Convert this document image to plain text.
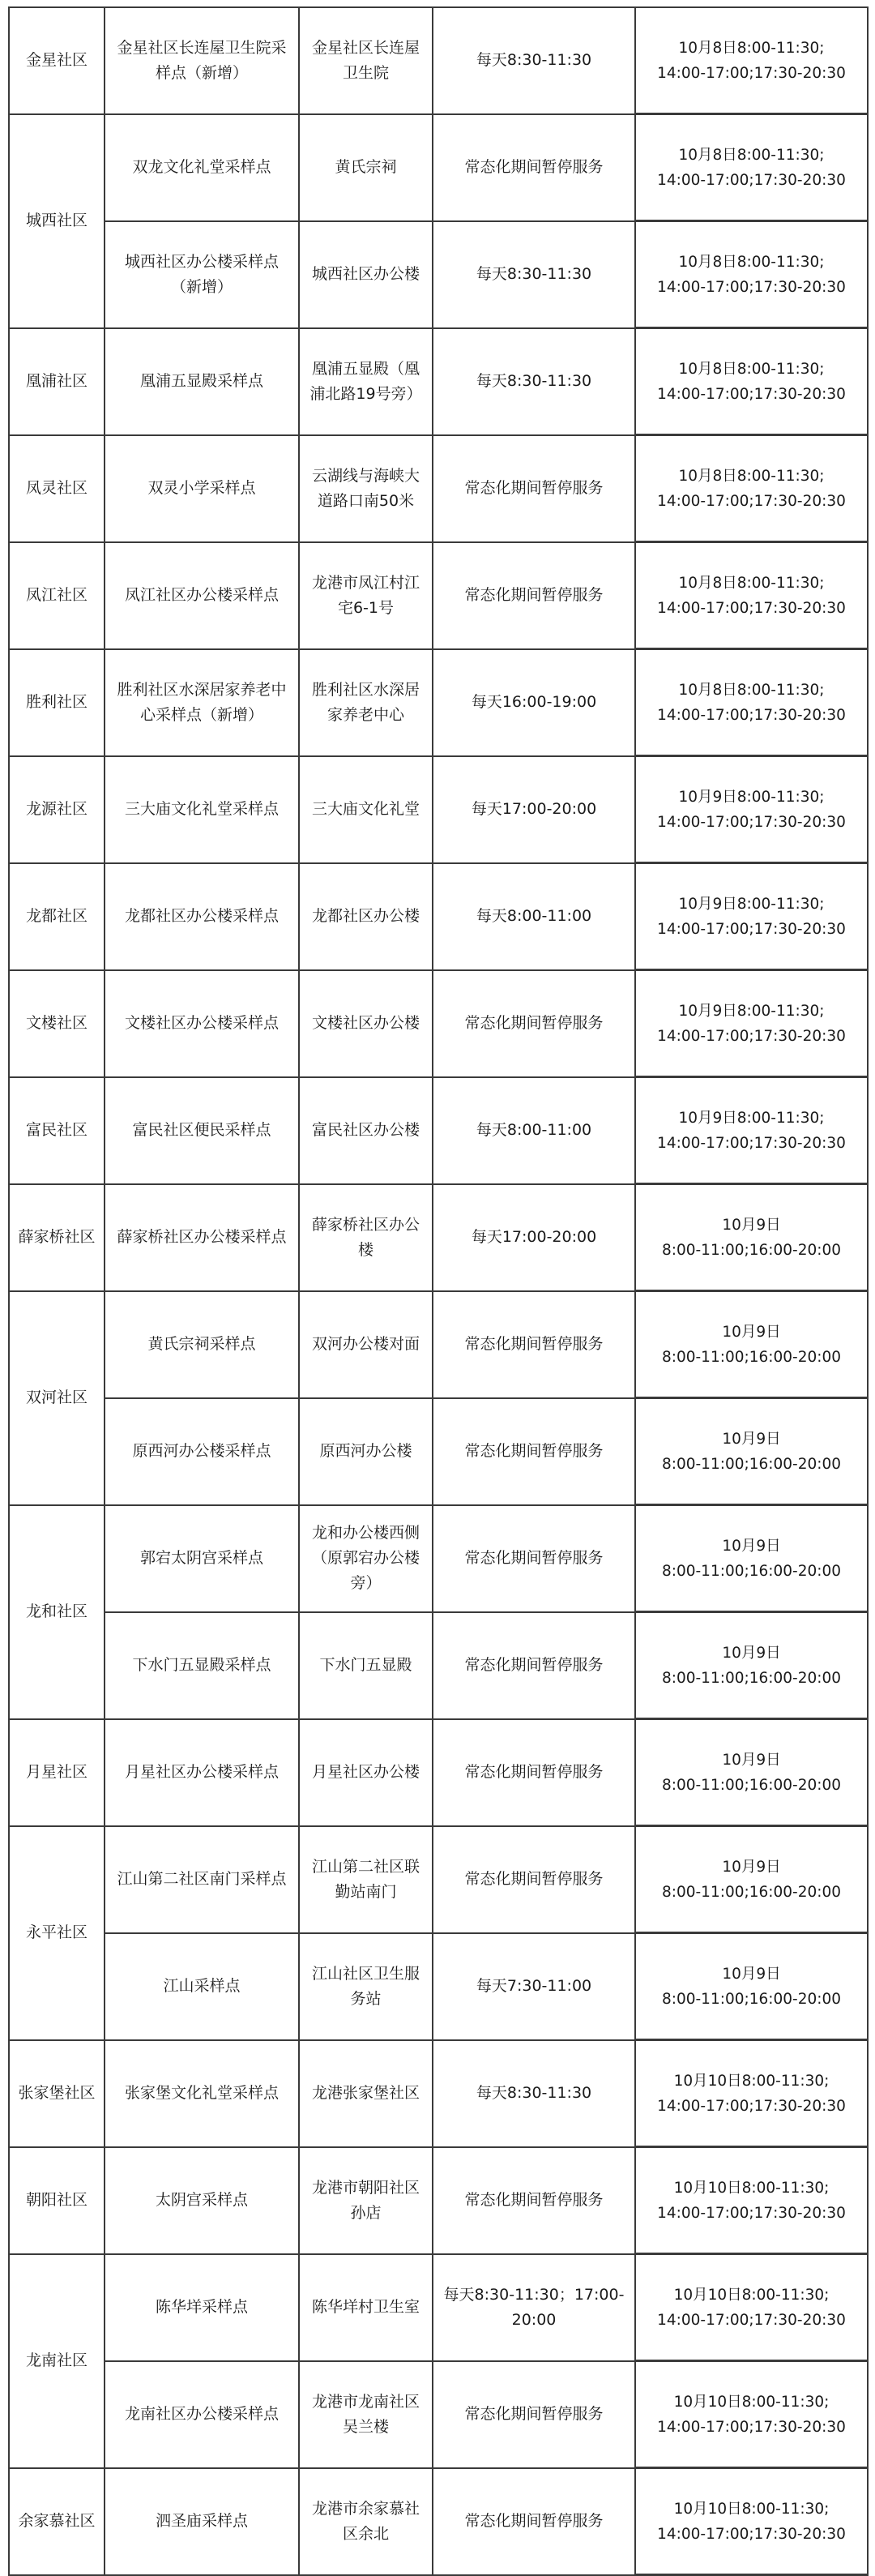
金星社区	金星社区长连屋卫生院采样点（新增）	金星社区长连屋卫生院	每天8:30-11:30	10月8日8:00-11:30;
14:00-17:00;17:30-20:30
城西社区	双龙文化礼堂采样点	黄氏宗祠	常态化期间暂停服务	10月8日8:00-11:30;
14:00-17:00;17:30-20:30
	城西社区办公楼采样点（新增）	城西社区办公楼	每天8:30-11:30	10月8日8:00-11:30;
14:00-17:00;17:30-20:30
凰浦社区	凰浦五显殿采样点	凰浦五显殿（凰浦北路19号旁）	每天8:30-11:30	10月8日8:00-11:30;
14:00-17:00;17:30-20:30
凤灵社区	双灵小学采样点	云湖线与海峡大道路口南50米	常态化期间暂停服务	10月8日8:00-11:30;
14:00-17:00;17:30-20:30
凤江社区	凤江社区办公楼采样点	龙港市凤江村江宅6-1号	常态化期间暂停服务	10月8日8:00-11:30;
14:00-17:00;17:30-20:30
胜利社区	胜利社区水深居家养老中心采样点（新增）	胜利社区水深居家养老中心	每天16:00-19:00	10月8日8:00-11:30;
14:00-17:00;17:30-20:30
龙源社区	三大庙文化礼堂采样点	三大庙文化礼堂	每天17:00-20:00	10月9日8:00-11:30;
14:00-17:00;17:30-20:30
龙都社区	龙都社区办公楼采样点	龙都社区办公楼	每天8:00-11:00	10月9日8:00-11:30;
14:00-17:00;17:30-20:30
文楼社区	文楼社区办公楼采样点	文楼社区办公楼	常态化期间暂停服务	10月9日8:00-11:30;
14:00-17:00;17:30-20:30
富民社区	富民社区便民采样点	富民社区办公楼	每天8:00-11:00	10月9日8:00-11:30;
14:00-17:00;17:30-20:30
薛家桥社区	薛家桥社区办公楼采样点	薛家桥社区办公楼	每天17:00-20:00	10月9日
8:00-11:00;16:00-20:00
双河社区	黄氏宗祠采样点	双河办公楼对面	常态化期间暂停服务	10月9日
8:00-11:00;16:00-20:00
	原西河办公楼采样点	原西河办公楼	常态化期间暂停服务	10月9日
8:00-11:00;16:00-20:00
龙和社区	郭宕太阴宫采样点	龙和办公楼西侧（原郭宕办公楼旁）	常态化期间暂停服务	10月9日
8:00-11:00;16:00-20:00
	下水门五显殿采样点	下水门五显殿	常态化期间暂停服务	10月9日
8:00-11:00;16:00-20:00
月星社区	月星社区办公楼采样点	月星社区办公楼	常态化期间暂停服务	10月9日
8:00-11:00;16:00-20:00
永平社区	江山第二社区南门采样点	江山第二社区联勤站南门	常态化期间暂停服务	10月9日
8:00-11:00;16:00-20:00
	江山采样点	江山社区卫生服务站	每天7:30-11:00	10月9日
8:00-11:00;16:00-20:00
张家堡社区	张家堡文化礼堂采样点	龙港张家堡社区	每天8:30-11:30	10月10日8:00-11:30;
14:00-17:00;17:30-20:30
朝阳社区	太阴宫采样点	龙港市朝阳社区孙店	常态化期间暂停服务	10月10日8:00-11:30;
14:00-17:00;17:30-20:30
龙南社区	陈华垟采样点	陈华垟村卫生室	每天8:30-11:30；17:00-20:00	10月10日8:00-11:30;
14:00-17:00;17:30-20:30
	龙南社区办公楼采样点	龙港市龙南社区吴兰楼	常态化期间暂停服务	10月10日8:00-11:30;
14:00-17:00;17:30-20:30
余家慕社区	泗圣庙采样点	龙港市余家慕社区余北	常态化期间暂停服务	10月10日8:00-11:30;
14:00-17:00;17:30-20:30
